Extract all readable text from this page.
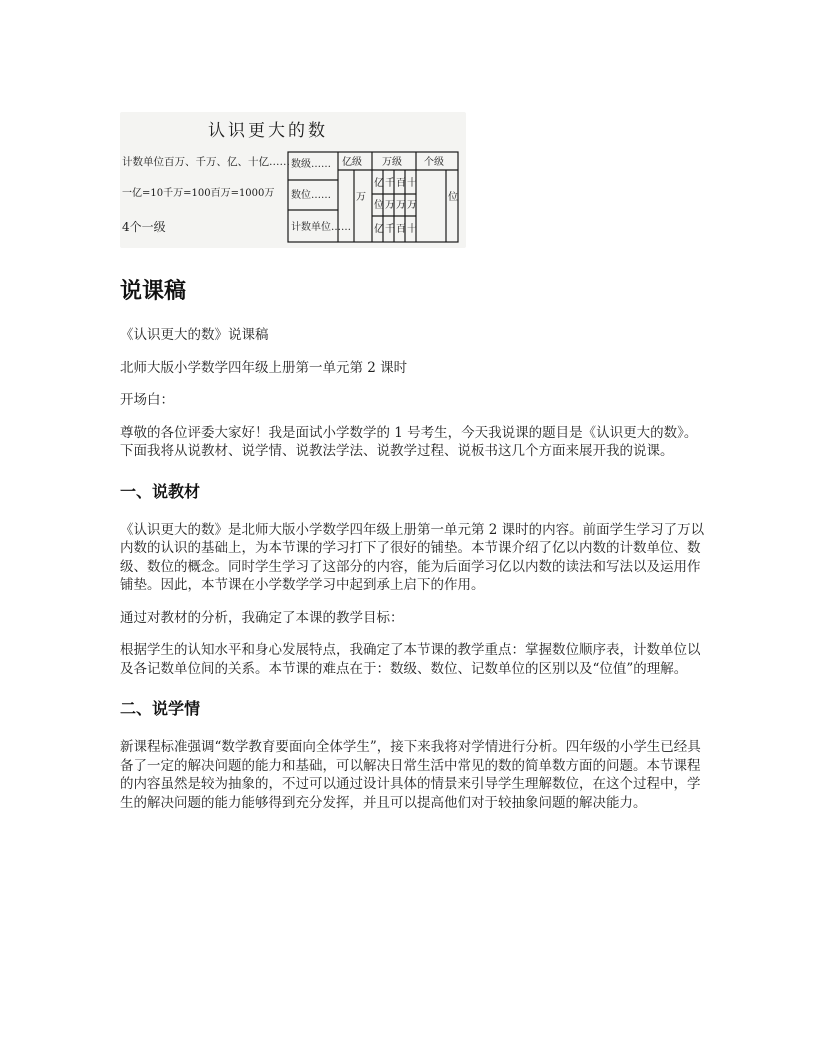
认识更大的数
计数单位百万、千万、亿、十亿……
一亿=10千万=100百万=1000万
4个一级
数级……
数位……
计数单位……
亿级 万级 个级
亿 千 百 十
位 万 万 万
亿 千 百 十
万	位
说课稿

《认识更大的数》说课稿

北师大版小学数学四年级上册第一单元第 2 课时

开场白：

尊敬的各位评委大家好！我是面试小学数学的 1 号考生，今天我说课的题目是《认识更大的数》。下面我将从说教材、说学情、说教法学法、说教学过程、说板书这几个方面来展开我的说课。

一、说教材

《认识更大的数》是北师大版小学数学四年级上册第一单元第 2 课时的内容。前面学生学习了万以内数的认识的基础上，为本节课的学习打下了很好的铺垫。本节课介绍了亿以内数的计数单位、数级、数位的概念。同时学生学习了这部分的内容，能为后面学习亿以内数的读法和写法以及运用作铺垫。因此，本节课在小学数学学习中起到承上启下的作用。

通过对教材的分析，我确定了本课的教学目标：

根据学生的认知水平和身心发展特点，我确定了本节课的教学重点：掌握数位顺序表，计数单位以及各记数单位间的关系。本节课的难点在于：数级、数位、记数单位的区别以及“位值”的理解。

二、说学情

新课程标准强调“数学教育要面向全体学生”，接下来我将对学情进行分析。四年级的小学生已经具备了一定的解决问题的能力和基础，可以解决日常生活中常见的数的简单数方面的问题。本节课程的内容虽然是较为抽象的，不过可以通过设计具体的情景来引导学生理解数位，在这个过程中，学生的解决问题的能力能够得到充分发挥，并且可以提高他们对于较抽象问题的解决能力。
